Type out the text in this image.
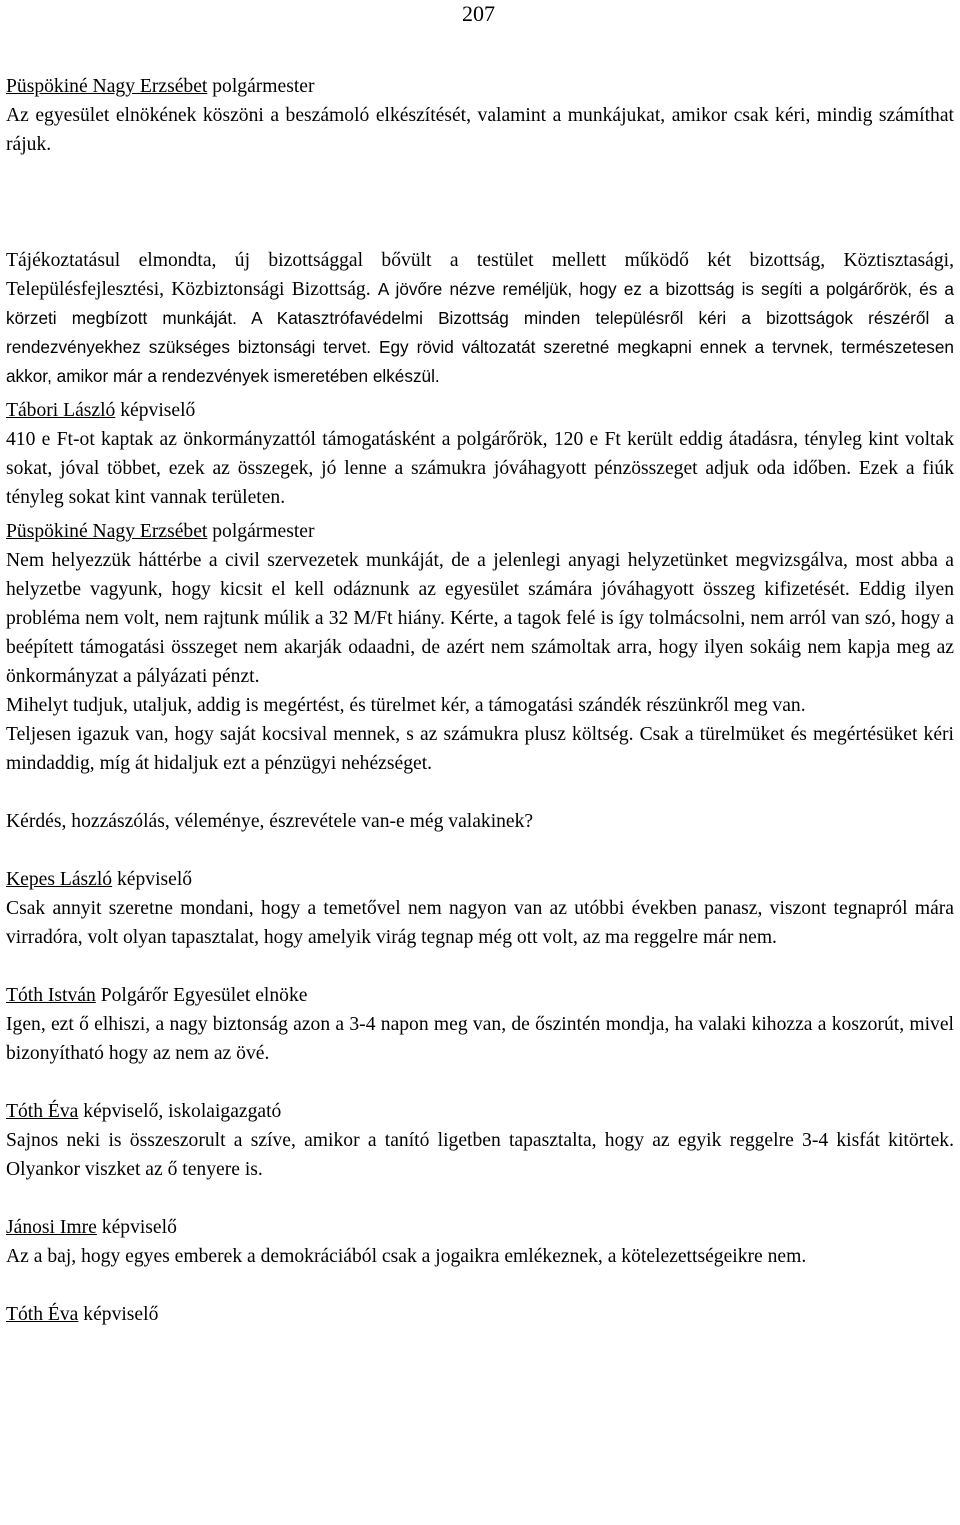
207

Püspökiné Nagy Erzsébet polgármester

Az egyesület elnökének köszöni a beszámoló elkészítését, valamint a munkájukat, amikor csak kéri, mindig számíthat rájuk.

Tájékoztatásul elmondta, új bizottsággal bővült a testület mellett működő két bizottság, Köztisztasági, Településfejlesztési, Közbiztonsági Bizottság. A jövőre nézve reméljük, hogy ez a bizottság is segíti a polgárőrök, és a körzeti megbízott munkáját. A Katasztrófavédelmi Bizottság minden településről kéri a bizottságok részéről a rendezvényekhez szükséges biztonsági tervet. Egy rövid változatát szeretné megkapni ennek a tervnek, természetesen akkor, amikor már a rendezvények ismeretében elkészül.

Tábori László képviselő

410 e Ft-ot kaptak az önkormányzattól támogatásként a polgárőrök, 120 e Ft került eddig átadásra, tényleg kint voltak sokat, jóval többet, ezek az összegek, jó lenne a számukra jóváhagyott pénzösszeget adjuk oda időben. Ezek a fiúk tényleg sokat kint vannak területen.

Püspökiné Nagy Erzsébet polgármester

Nem helyezzük háttérbe a civil szervezetek munkáját, de a jelenlegi anyagi helyzetünket megvizsgálva, most abba a helyzetbe vagyunk, hogy kicsit el kell odáznunk az egyesület számára jóváhagyott összeg kifizetését. Eddig ilyen probléma nem volt, nem rajtunk múlik a 32 M/Ft hiány. Kérte, a tagok felé is így tolmácsolni, nem arról van szó, hogy a beépített támogatási összeget nem akarják odaadni, de azért nem számoltak arra, hogy ilyen sokáig nem kapja meg az önkormányzat a pályázati pénzt.

Mihelyt tudjuk, utaljuk, addig is megértést, és türelmet kér, a támogatási szándék részünkről meg van.

Teljesen igazuk van, hogy saját kocsival mennek, s az számukra plusz költség. Csak a türelmüket és megértésüket kéri mindaddig, míg át hidaljuk ezt a pénzügyi nehézséget.

Kérdés, hozzászólás, véleménye, észrevétele van-e még valakinek?

Kepes László képviselő

Csak annyit szeretne mondani, hogy a temetővel nem nagyon van az utóbbi években panasz, viszont tegnapról mára virradóra, volt olyan tapasztalat, hogy amelyik virág tegnap még ott volt, az ma reggelre már nem.

Tóth István Polgárőr Egyesület elnöke

Igen, ezt ő elhiszi, a nagy biztonság azon a 3-4 napon meg van, de őszintén mondja, ha valaki kihozza a koszorút, mivel bizonyítható hogy az nem az övé.

Tóth Éva képviselő, iskolaigazgató

Sajnos neki is összeszorult a szíve, amikor a tanító ligetben tapasztalta, hogy az egyik reggelre 3-4 kisfát kitörtek. Olyankor viszket az ő tenyere is.

Jánosi Imre képviselő

Az a baj, hogy egyes emberek a demokráciából csak a jogaikra emlékeznek, a kötelezettségeikre nem.

Tóth Éva képviselő
